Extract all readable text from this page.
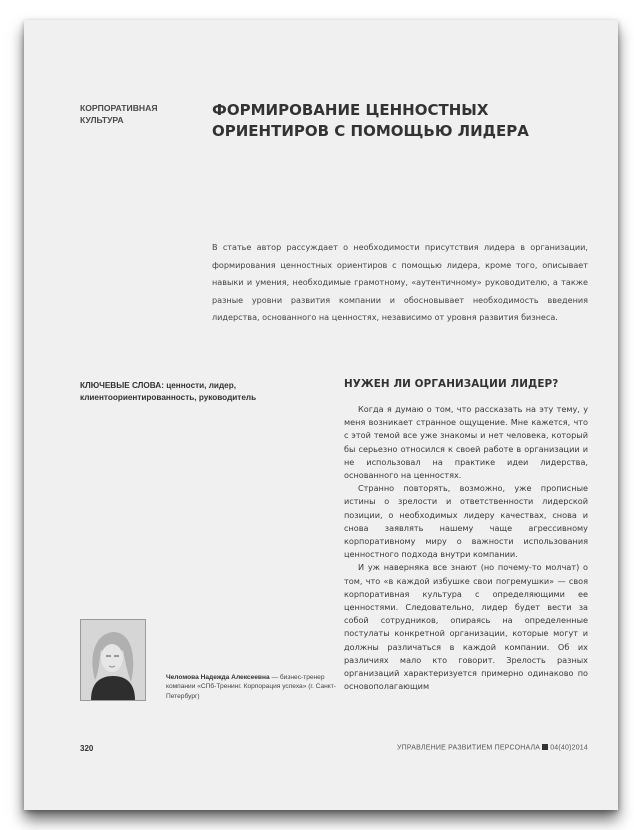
КОРПОРАТИВНАЯ КУЛЬТУРА
ФОРМИРОВАНИЕ ЦЕННОСТНЫХ ОРИЕНТИРОВ С ПОМОЩЬЮ ЛИДЕРА
В статье автор рассуждает о необходимости присутствия лидера в организации, формирования ценностных ориентиров с помощью лидера, кроме того, описывает навыки и умения, необходимые грамотному, «аутентичному» руководителю, а также разные уровни развития компании и обосновывает необходимость введения лидерства, основанного на ценностях, независимо от уровня развития бизнеса.
КЛЮЧЕВЫЕ СЛОВА: ценности, лидер, клиентоориентированность, руководитель
Челомова Надежда Алексеевна — бизнес-тренер компании «СПб-Тренинг. Корпорация успеха» (г. Санкт-Петербург)
НУЖЕН ЛИ ОРГАНИЗАЦИИ ЛИДЕР?

Когда я думаю о том, что рассказать на эту тему, у меня возникает странное ощущение. Мне кажется, что с этой темой все уже знакомы и нет человека, который бы серьезно относился к своей работе в организации и не использовал на практике идеи лидерства, основанного на ценностях.

Странно повторять, возможно, уже прописные истины о зрелости и ответственности лидерской позиции, о необходимых лидеру качествах, снова и снова заявлять нашему чаще агрессивному корпоративному миру о важности использования ценностного подхода внутри компании.

И уж наверняка все знают (но почему-то молчат) о том, что «в каждой избушке свои погремушки» — своя корпоративная культура с определяющими ее ценностями. Следовательно, лидер будет вести за собой сотрудников, опираясь на определенные постулаты конкретной организации, которые могут и должны различаться в каждой компании. Об их различиях мало кто говорит. Зрелость разных организаций характеризуется примерно одинаково по основополагающим

320	УПРАВЛЕНИЕ РАЗВИТИЕМ ПЕРСОНАЛА 04(40)2014
